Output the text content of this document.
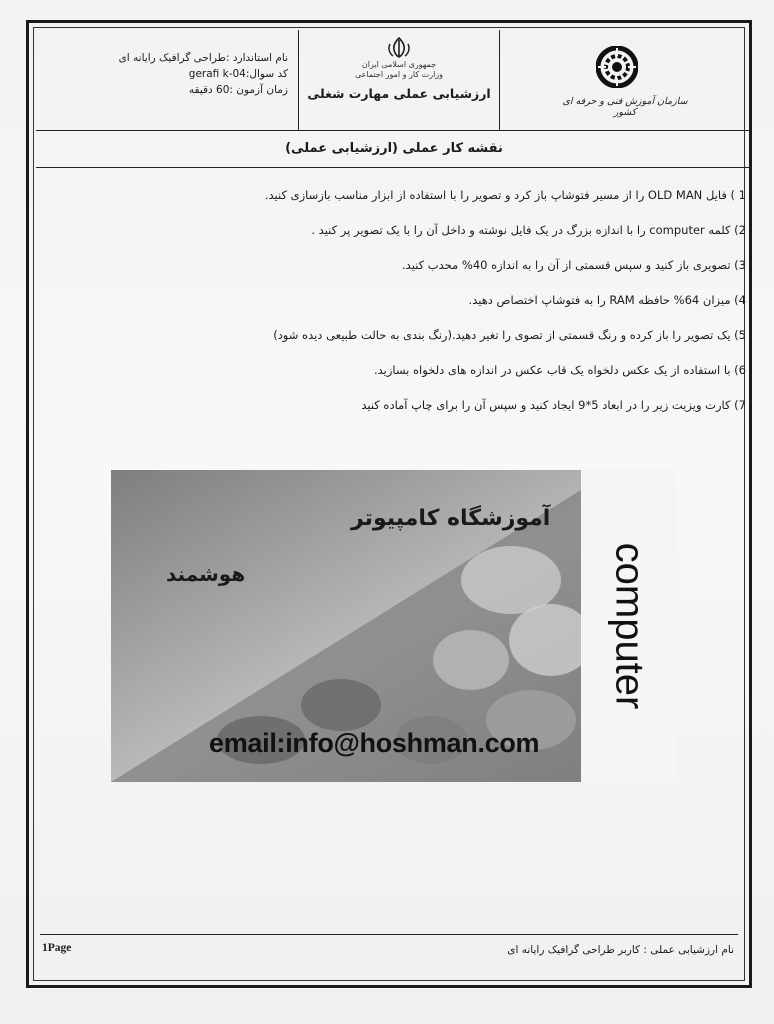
نام استاندارد :طراحی گرافیک رایانه ای
کد سوال:gerafi k-04
زمان آزمون :60 دقیقه
جمهوری اسلامی ایران
وزارت کار و امور اجتماعی
ارزشیابی عملی مهارت شغلی
سازمان آموزش فنی و حرفه ای کشور
نقشه کار عملی (ارزشیابی عملی)
1Page	نام ارزشیابی عملی : کاربر طراحی گرافیک رایانه ای
1 ) فایل OLD MAN را از مسیر فتوشاپ باز کرد و تصویر را با استفاده از ابزار مناسب بازسازی کنید.
2) کلمه computer را با اندازه بزرگ در یک فایل نوشته و داخل آن را با یک تصویر پر کنید .
3) تصویری باز کنید و سپس قسمتی از آن را به اندازه 40% محدب کنید.
4) میزان 64% حافظه RAM را به فتوشاپ اختصاص دهید.
5) یک تصویر را باز کرده و رنگ قسمتی از تصوی را تغیر دهید.(رنگ بندی به حالت طبیعی دیده شود)
6) با استفاده از یک عکس دلخواه یک قاب عکس در اندازه های دلخواه بسازید.
7) کارت ویزیت زیر را در ابعاد 5*9 ایجاد کنید و سپس آن را برای چاپ آماده کنید
آموزشگاه کامپیوتر
هوشمند
email:info@hoshman.com
computer
